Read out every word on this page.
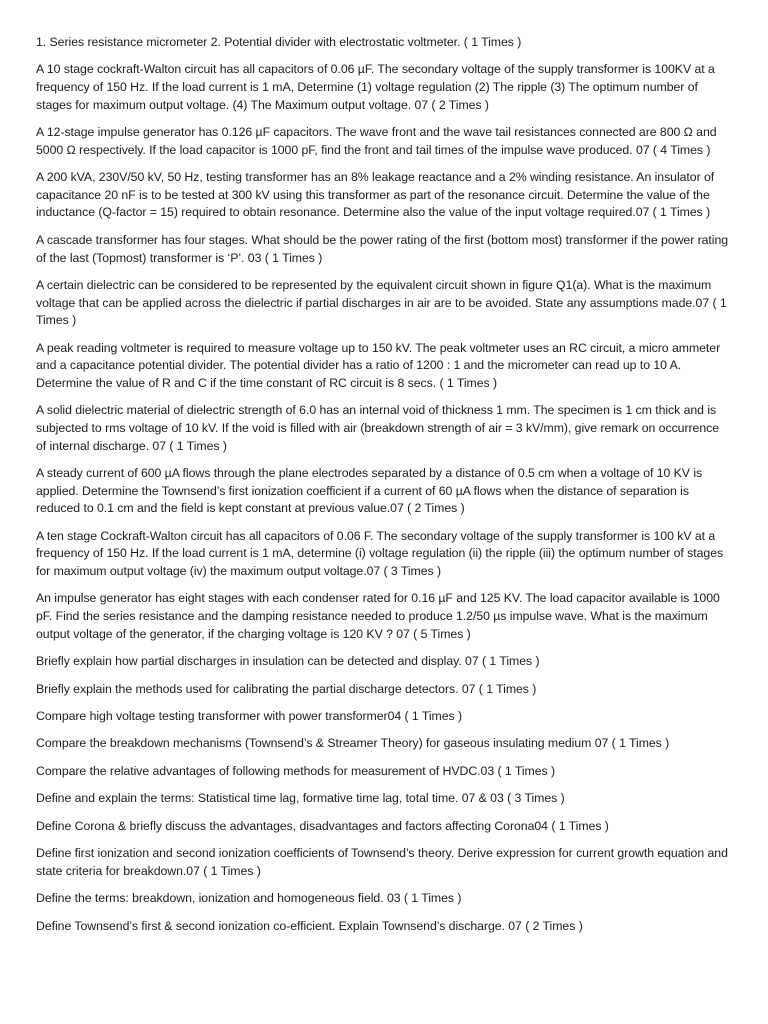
1. Series resistance micrometer 2. Potential divider with electrostatic voltmeter. ( 1 Times )

A 10 stage cockraft-Walton circuit has all capacitors of 0.06 µF. The secondary voltage of the supply transformer is 100KV at a frequency of 150 Hz. If the load current is 1 mA, Determine (1) voltage regulation (2) The ripple (3) The optimum number of stages for maximum output voltage. (4) The Maximum output voltage. 07 ( 2 Times )

A 12-stage impulse generator has 0.126 µF capacitors. The wave front and the wave tail resistances connected are 800 Ω and 5000 Ω respectively. If the load capacitor is 1000 pF, find the front and tail times of the impulse wave produced. 07 ( 4 Times )

A 200 kVA, 230V/50 kV, 50 Hz, testing transformer has an 8% leakage reactance and a 2% winding resistance. An insulator of capacitance 20 nF is to be tested at 300 kV using this transformer as part of the resonance circuit. Determine the value of the inductance (Q-factor = 15) required to obtain resonance. Determine also the value of the input voltage required.07 ( 1 Times )

A cascade transformer has four stages. What should be the power rating of the first (bottom most) transformer if the power rating of the last (Topmost) transformer is ‘P’. 03 ( 1 Times )

A certain dielectric can be considered to be represented by the equivalent circuit shown in figure Q1(a). What is the maximum voltage that can be applied across the dielectric if partial discharges in air are to be avoided. State any assumptions made.07 ( 1 Times )

A peak reading voltmeter is required to measure voltage up to 150 kV. The peak voltmeter uses an RC circuit, a micro ammeter and a capacitance potential divider. The potential divider has a ratio of 1200 : 1 and the micrometer can read up to 10 A. Determine the value of R and C if the time constant of RC circuit is 8 secs. ( 1 Times )

A solid dielectric material of dielectric strength of 6.0 has an internal void of thickness 1 mm. The specimen is 1 cm thick and is subjected to rms voltage of 10 kV. If the void is filled with air (breakdown strength of air = 3 kV/mm), give remark on occurrence of internal discharge. 07 ( 1 Times )

A steady current of 600 µA flows through the plane electrodes separated by a distance of 0.5 cm when a voltage of 10 KV is applied. Determine the Townsend’s first ionization coefficient if a current of 60 µA flows when the distance of separation is reduced to 0.1 cm and the field is kept constant at previous value.07 ( 2 Times )

A ten stage Cockraft-Walton circuit has all capacitors of 0.06 F. The secondary voltage of the supply transformer is 100 kV at a frequency of 150 Hz. If the load current is 1 mA, determine (i) voltage regulation (ii) the ripple (iii) the optimum number of stages for maximum output voltage (iv) the maximum output voltage.07 ( 3 Times )

An impulse generator has eight stages with each condenser rated for 0.16 µF and 125 KV. The load capacitor available is 1000 pF. Find the series resistance and the damping resistance needed to produce 1.2/50 µs impulse wave. What is the maximum output voltage of the generator, if the charging voltage is 120 KV ? 07 ( 5 Times )

Briefly explain how partial discharges in insulation can be detected and display. 07 ( 1 Times )

Briefly explain the methods used for calibrating the partial discharge detectors. 07 ( 1 Times )

Compare high voltage testing transformer with power transformer04 ( 1 Times )

Compare the breakdown mechanisms (Townsend’s & Streamer Theory) for gaseous insulating medium 07 ( 1 Times )

Compare the relative advantages of following methods for measurement of HVDC.03 ( 1 Times )

Define and explain the terms: Statistical time lag, formative time lag, total time. 07 & 03 ( 3 Times )

Define Corona & briefly discuss the advantages, disadvantages and factors affecting Corona04 ( 1 Times )

Define first ionization and second ionization coefficients of Townsend’s theory. Derive expression for current growth equation and state criteria for breakdown.07 ( 1 Times )

Define the terms: breakdown, ionization and homogeneous field. 03 ( 1 Times )

Define Townsend’s first & second ionization co-efficient. Explain Townsend’s discharge. 07 ( 2 Times )
